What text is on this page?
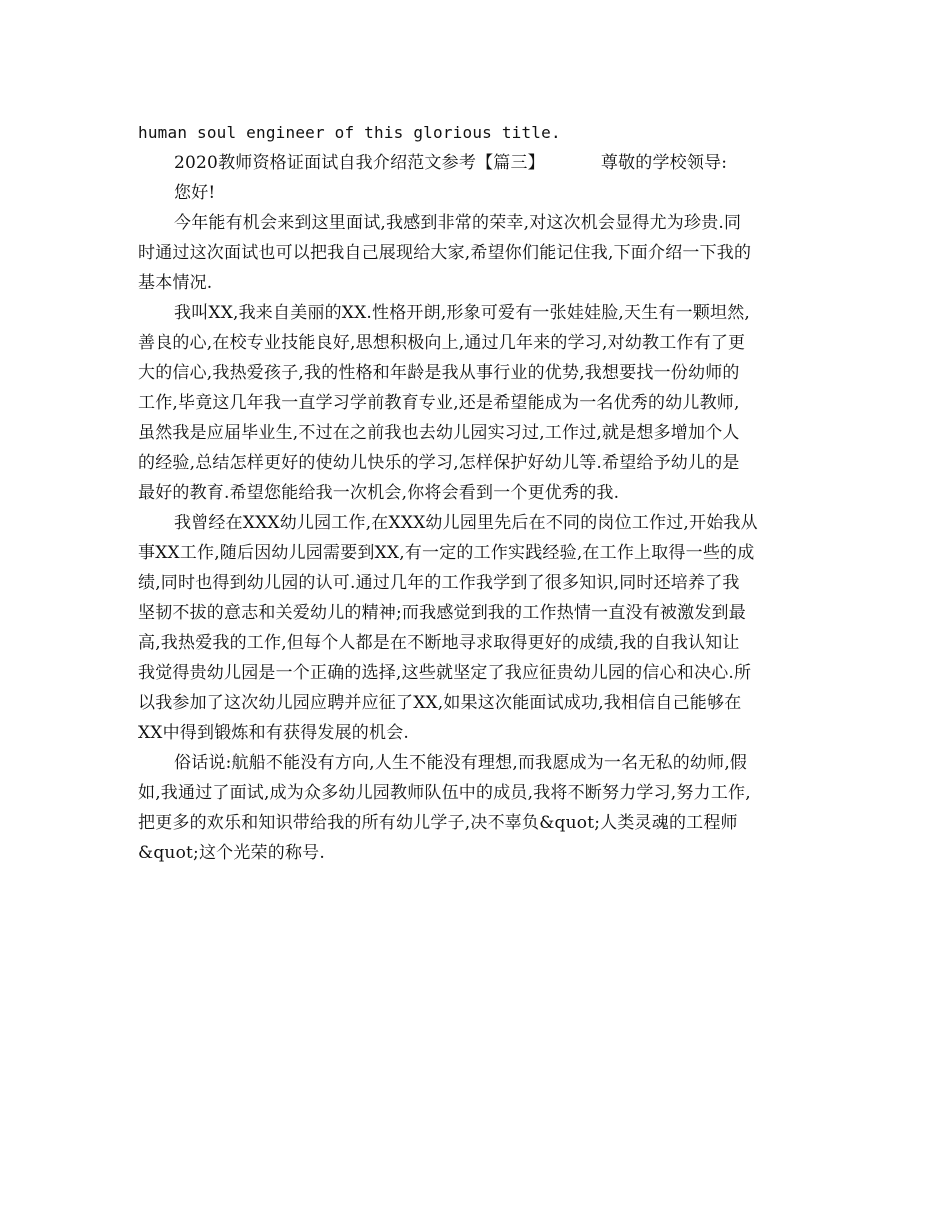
human soul engineer of this glorious title.
2020教师资格证面试自我介绍范文参考【篇三】	尊敬的学校领导:
您好!
今年能有机会来到这里面试,我感到非常的荣幸,对这次机会显得尤为珍贵.同
时通过这次面试也可以把我自己展现给大家,希望你们能记住我,下面介绍一下我的
基本情况.
我叫XX,我来自美丽的XX.性格开朗,形象可爱有一张娃娃脸,天生有一颗坦然,
善良的心,在校专业技能良好,思想积极向上,通过几年来的学习,对幼教工作有了更
大的信心,我热爱孩子,我的性格和年龄是我从事行业的优势,我想要找一份幼师的
工作,毕竟这几年我一直学习学前教育专业,还是希望能成为一名优秀的幼儿教师,
虽然我是应届毕业生,不过在之前我也去幼儿园实习过,工作过,就是想多增加个人
的经验,总结怎样更好的使幼儿快乐的学习,怎样保护好幼儿等.希望给予幼儿的是
最好的教育.希望您能给我一次机会,你将会看到一个更优秀的我.
我曾经在XXX幼儿园工作,在XXX幼儿园里先后在不同的岗位工作过,开始我从
事XX工作,随后因幼儿园需要到XX,有一定的工作实践经验,在工作上取得一些的成
绩,同时也得到幼儿园的认可.通过几年的工作我学到了很多知识,同时还培养了我
坚韧不拔的意志和关爱幼儿的精神;而我感觉到我的工作热情一直没有被激发到最
高,我热爱我的工作,但每个人都是在不断地寻求取得更好的成绩,我的自我认知让
我觉得贵幼儿园是一个正确的选择,这些就坚定了我应征贵幼儿园的信心和决心.所
以我参加了这次幼儿园应聘并应征了XX,如果这次能面试成功,我相信自己能够在
XX中得到锻炼和有获得发展的机会.
俗话说:航船不能没有方向,人生不能没有理想,而我愿成为一名无私的幼师,假
如,我通过了面试,成为众多幼儿园教师队伍中的成员,我将不断努力学习,努力工作,
把更多的欢乐和知识带给我的所有幼儿学子,决不辜负&quot;人类灵魂的工程师
&quot;这个光荣的称号.
